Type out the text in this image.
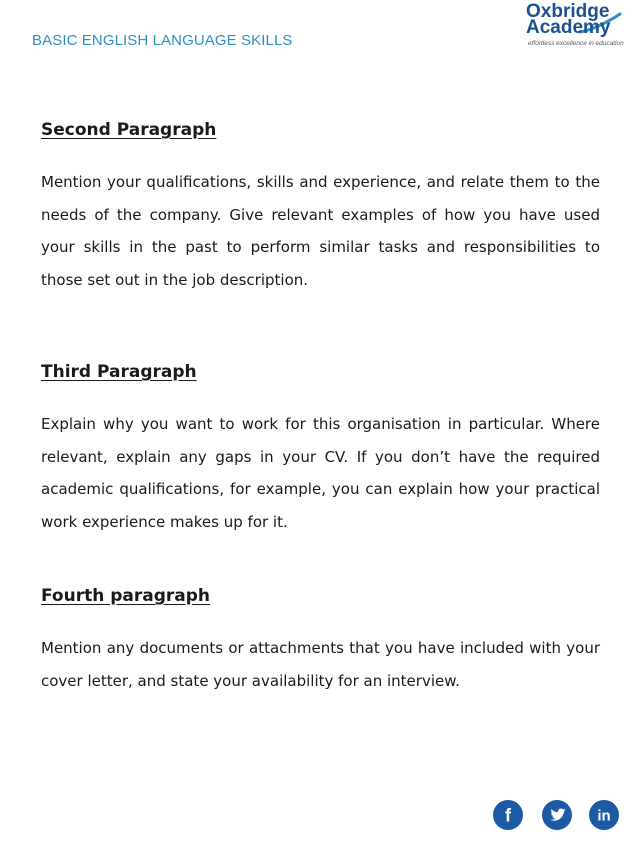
BASIC ENGLISH LANGUAGE SKILLS
Oxbridge
Academy
effortless excellence in education
Second Paragraph

Mention your qualifications, skills and experience, and relate them to the needs of the company. Give relevant examples of how you have used your skills in the past to perform similar tasks and responsibilities to those set out in the job description.

Third Paragraph

Explain why you want to work for this organisation in particular. Where relevant, explain any gaps in your CV. If you don’t have the required academic qualifications, for example, you can explain how your practical work experience makes up for it.

Fourth paragraph

Mention any documents or attachments that you have included with your cover letter, and state your availability for an interview.

f	in
